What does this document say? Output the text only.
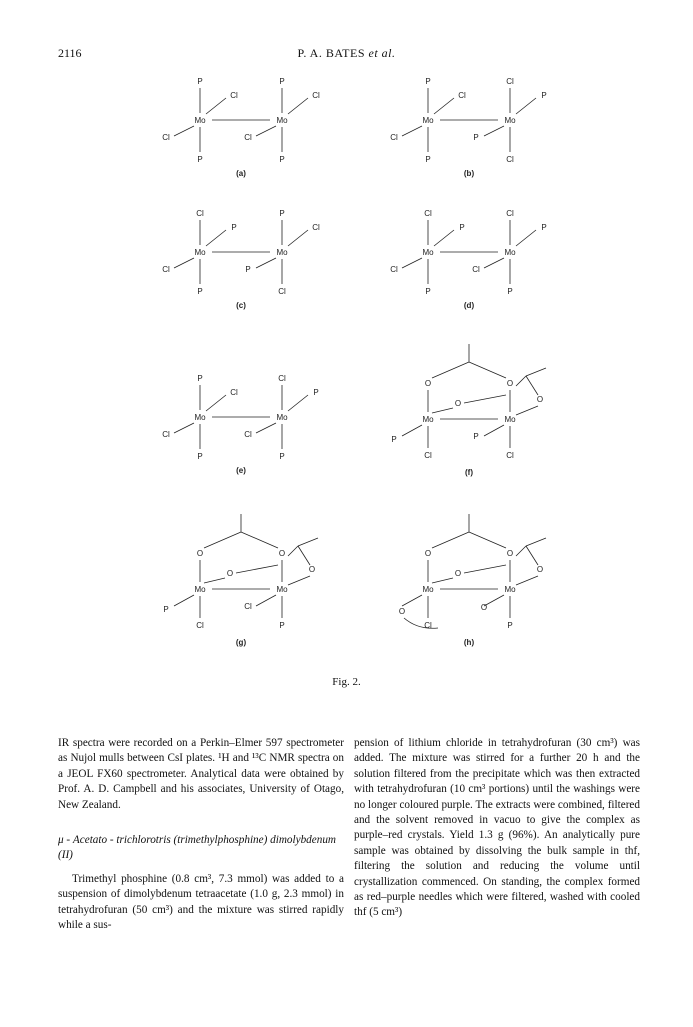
2116	P. A. BATES et al.
Mo	Mo
P	P
P	P
Cl	Cl
Cl	Cl
(a)
Mo	Mo
P	Cl
P	Cl
Cl	P
Cl	P
(b)
Mo	Mo
Cl	P
P	Cl
P	Cl
Cl	P
(c)
Mo	Mo
Cl	Cl
P	P
P	P
Cl	Cl
(d)
Mo	Mo
P	Cl
P	P
Cl	P
Cl	Cl
(e)
Mo	Mo
O	O
O	O
Cl	Cl
P	P
(f)
Mo	Mo
O	O
O	O
Cl	P
P	Cl
(g)
Mo	Mo
O	O
O	O
Cl	P
O	O
(h)
Fig. 2.

IR spectra were recorded on a Perkin–Elmer 597 spectrometer as Nujol mulls between CsI plates. ¹H and ¹³C NMR spectra on a JEOL FX60 spectrometer. Analytical data were obtained by Prof. A. D. Campbell and his associates, University of Otago, New Zealand.

μ - Acetato - trichlorotris (trimethylphosphine) dimolybdenum (II)

Trimethyl phosphine (0.8 cm³, 7.3 mmol) was added to a suspension of dimolybdenum tetraacetate (1.0 g, 2.3 mmol) in tetrahydrofuran (50 cm³) and the mixture was stirred rapidly while a sus-

pension of lithium chloride in tetrahydrofuran (30 cm³) was added. The mixture was stirred for a further 20 h and the solution filtered from the precipitate which was then extracted with tetrahydrofuran (10 cm³ portions) until the washings were no longer coloured purple. The extracts were combined, filtered and the solvent removed in vacuo to give the complex as purple–red crystals. Yield 1.3 g (96%). An analytically pure sample was obtained by dissolving the bulk sample in thf, filtering the solution and reducing the volume until crystallization commenced. On standing, the complex formed as red–purple needles which were filtered, washed with cooled thf (5 cm³)
